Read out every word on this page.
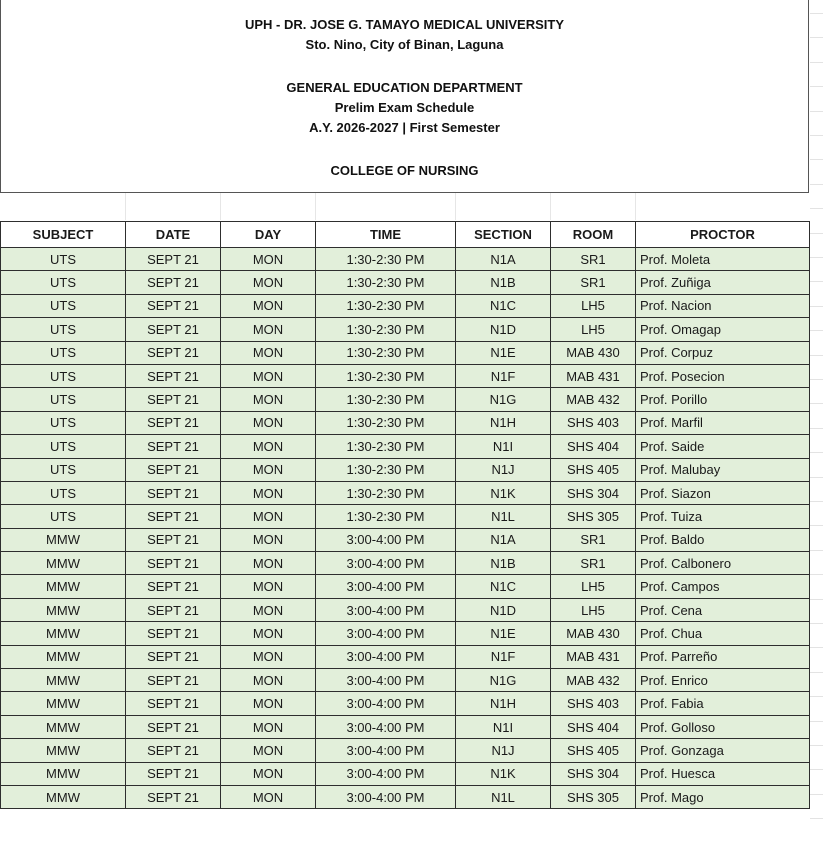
UPH - DR. JOSE G. TAMAYO MEDICAL UNIVERSITY
Sto. Nino, City of Binan, Laguna
GENERAL EDUCATION DEPARTMENT
Prelim Exam Schedule
A.Y. 2026-2027 | First Semester
COLLEGE OF NURSING
SUBJECT	DATE	DAY	TIME	SECTION	ROOM	PROCTOR
UTS	SEPT 21	MON	1:30-2:30 PM	N1A	SR1	Prof. Moleta
UTS	SEPT 21	MON	1:30-2:30 PM	N1B	SR1	Prof. Zuñiga
UTS	SEPT 21	MON	1:30-2:30 PM	N1C	LH5	Prof. Nacion
UTS	SEPT 21	MON	1:30-2:30 PM	N1D	LH5	Prof. Omagap
UTS	SEPT 21	MON	1:30-2:30 PM	N1E	MAB 430	Prof. Corpuz
UTS	SEPT 21	MON	1:30-2:30 PM	N1F	MAB 431	Prof. Posecion
UTS	SEPT 21	MON	1:30-2:30 PM	N1G	MAB 432	Prof. Porillo
UTS	SEPT 21	MON	1:30-2:30 PM	N1H	SHS 403	Prof. Marfil
UTS	SEPT 21	MON	1:30-2:30 PM	N1I	SHS 404	Prof. Saide
UTS	SEPT 21	MON	1:30-2:30 PM	N1J	SHS 405	Prof. Malubay
UTS	SEPT 21	MON	1:30-2:30 PM	N1K	SHS 304	Prof. Siazon
UTS	SEPT 21	MON	1:30-2:30 PM	N1L	SHS 305	Prof. Tuiza
MMW	SEPT 21	MON	3:00-4:00 PM	N1A	SR1	Prof. Baldo
MMW	SEPT 21	MON	3:00-4:00 PM	N1B	SR1	Prof. Calbonero
MMW	SEPT 21	MON	3:00-4:00 PM	N1C	LH5	Prof. Campos
MMW	SEPT 21	MON	3:00-4:00 PM	N1D	LH5	Prof. Cena
MMW	SEPT 21	MON	3:00-4:00 PM	N1E	MAB 430	Prof. Chua
MMW	SEPT 21	MON	3:00-4:00 PM	N1F	MAB 431	Prof. Parreño
MMW	SEPT 21	MON	3:00-4:00 PM	N1G	MAB 432	Prof. Enrico
MMW	SEPT 21	MON	3:00-4:00 PM	N1H	SHS 403	Prof. Fabia
MMW	SEPT 21	MON	3:00-4:00 PM	N1I	SHS 404	Prof. Golloso
MMW	SEPT 21	MON	3:00-4:00 PM	N1J	SHS 405	Prof. Gonzaga
MMW	SEPT 21	MON	3:00-4:00 PM	N1K	SHS 304	Prof. Huesca
MMW	SEPT 21	MON	3:00-4:00 PM	N1L	SHS 305	Prof. Mago
